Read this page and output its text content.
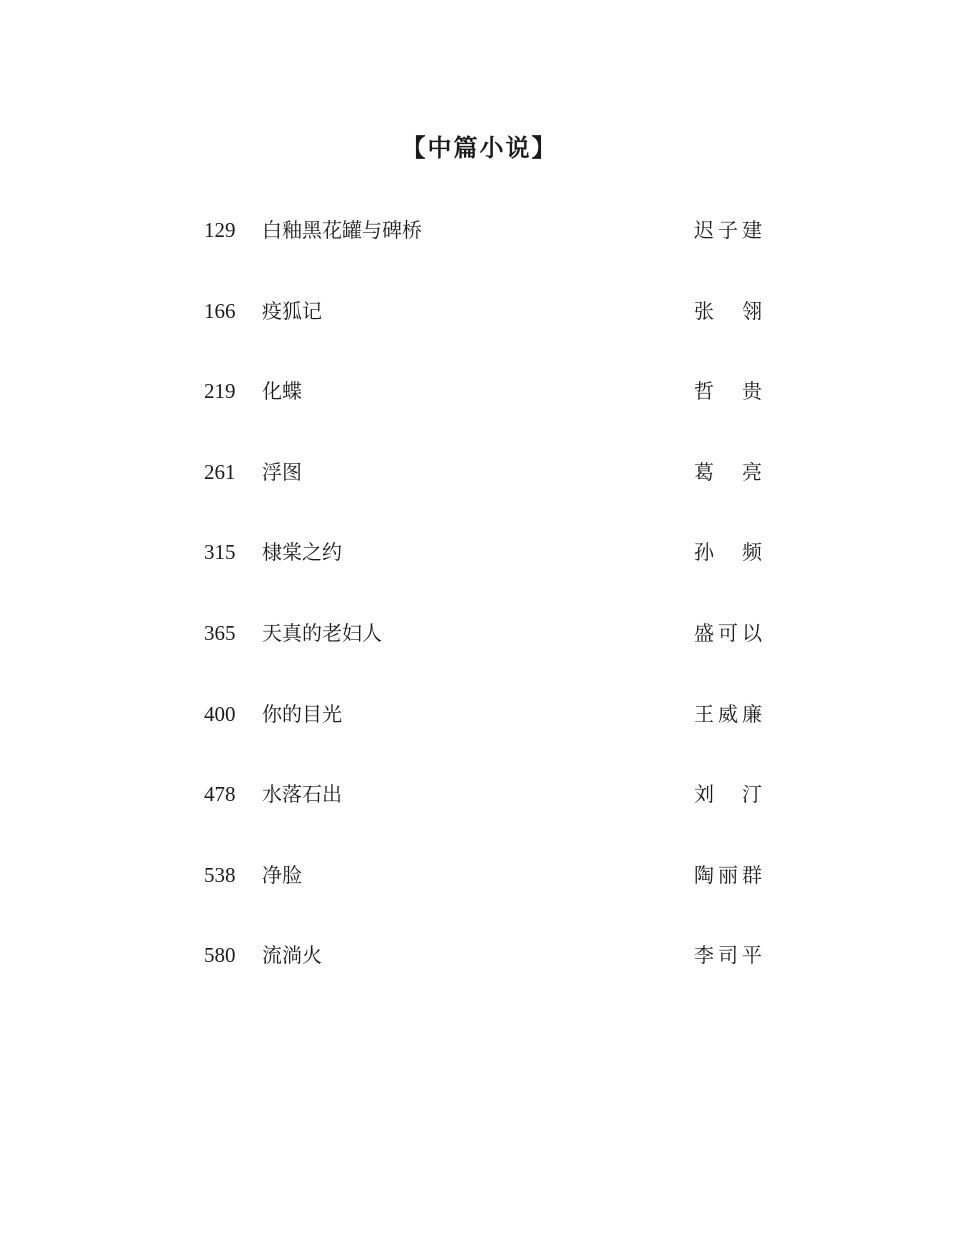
【中篇小说】
129 白釉黑花罐与碑桥	迟 子 建
166 疫狐记	张 翎
219 化蝶	哲 贵
261 浮图	葛 亮
315 棣棠之约	孙 频
365 天真的老妇人	盛 可 以
400 你的目光	王 威 廉
478 水落石出	刘 汀
538 净脸	陶 丽 群
580 流淌火	李 司 平
